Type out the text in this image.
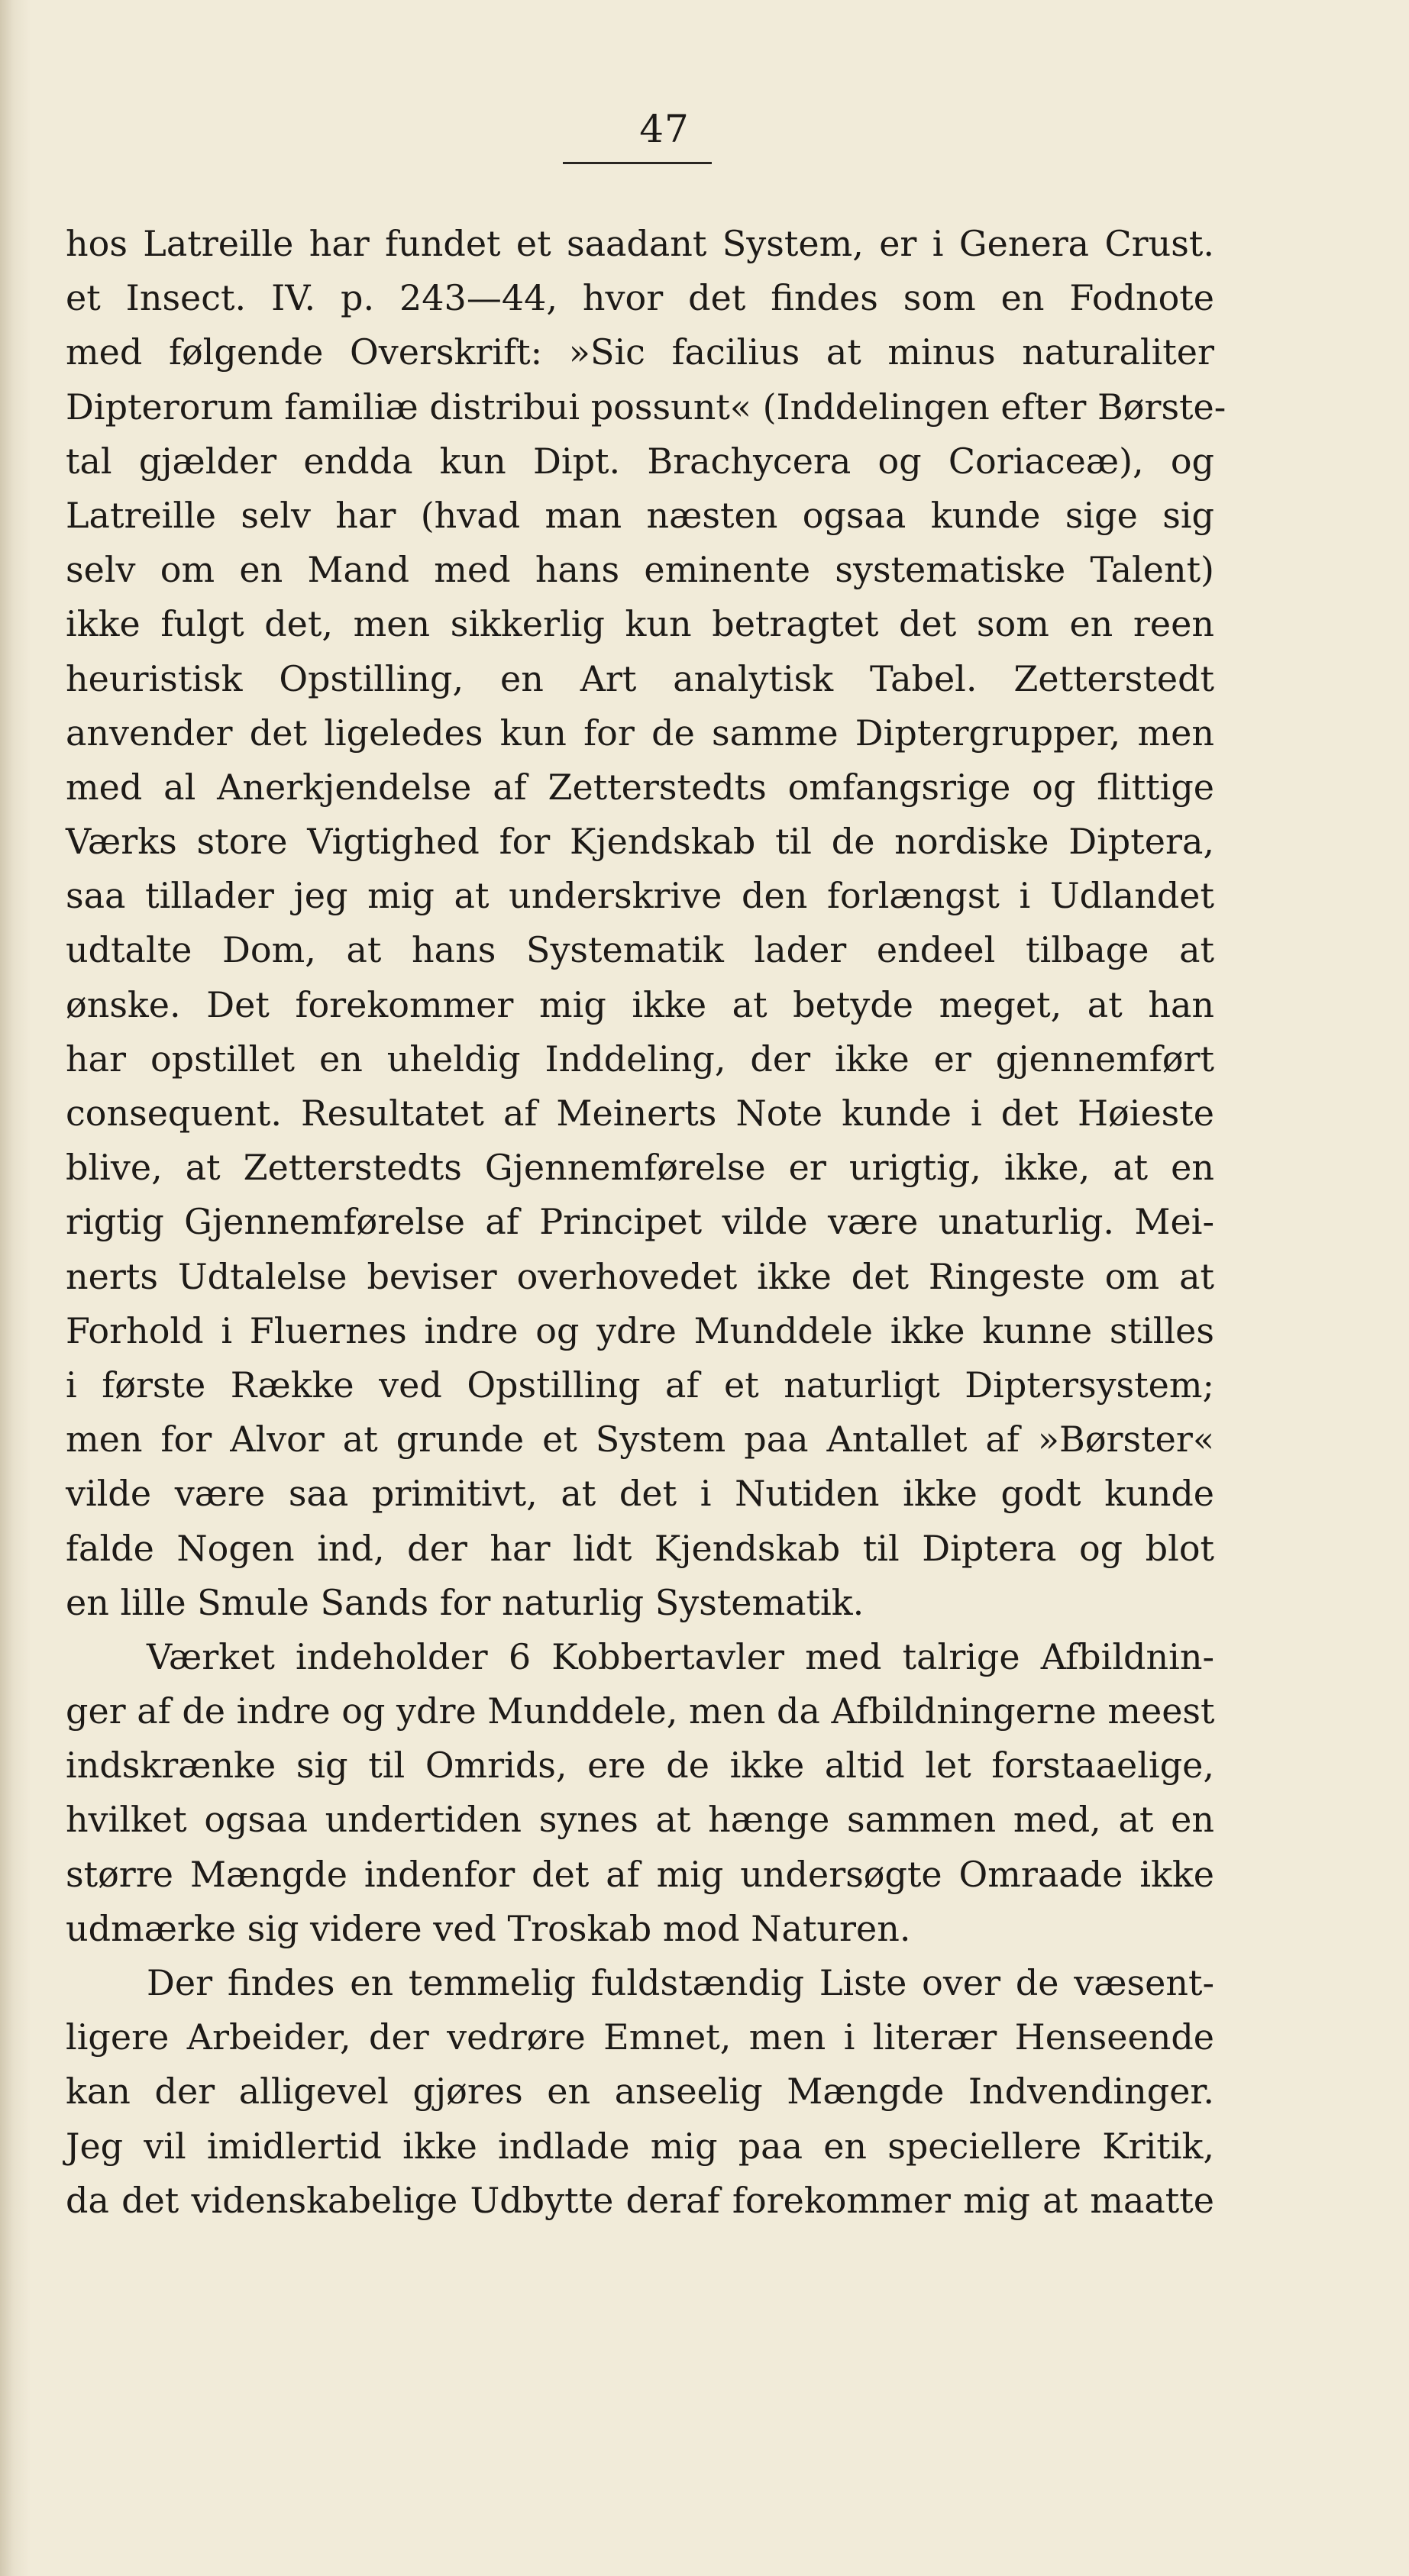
47
hos Latreille har fundet et saadant System, er i Genera Crust.
et Insect. IV. p. 243—44, hvor det findes som en Fodnote
med følgende Overskrift: »Sic facilius at minus naturaliter
Dipterorum familiæ distribui possunt« (Inddelingen efter Børste-
tal gjælder endda kun Dipt. Brachycera og Coriaceæ), og
Latreille selv har (hvad man næsten ogsaa kunde sige sig
selv om en Mand med hans eminente systematiske Talent)
ikke fulgt det, men sikkerlig kun betragtet det som en reen
heuristisk Opstilling, en Art analytisk Tabel. Zetterstedt
anvender det ligeledes kun for de samme Diptergrupper, men
med al Anerkjendelse af Zetterstedts omfangsrige og flittige
Værks store Vigtighed for Kjendskab til de nordiske Diptera,
saa tillader jeg mig at underskrive den forlængst i Udlandet
udtalte Dom, at hans Systematik lader endeel tilbage at
ønske. Det forekommer mig ikke at betyde meget, at han
har opstillet en uheldig Inddeling, der ikke er gjennemført
consequent. Resultatet af Meinerts Note kunde i det Høieste
blive, at Zetterstedts Gjennemførelse er urigtig, ikke, at en
rigtig Gjennemførelse af Principet vilde være unaturlig. Mei-
nerts Udtalelse beviser overhovedet ikke det Ringeste om at
Forhold i Fluernes indre og ydre Munddele ikke kunne stilles
i første Række ved Opstilling af et naturligt Diptersystem;
men for Alvor at grunde et System paa Antallet af »Børster«
vilde være saa primitivt, at det i Nutiden ikke godt kunde
falde Nogen ind, der har lidt Kjendskab til Diptera og blot
en lille Smule Sands for naturlig Systematik.
Værket indeholder 6 Kobbertavler med talrige Afbildnin-
ger af de indre og ydre Munddele, men da Afbildningerne meest
indskrænke sig til Omrids, ere de ikke altid let forstaaelige,
hvilket ogsaa undertiden synes at hænge sammen med, at en
større Mængde indenfor det af mig undersøgte Omraade ikke
udmærke sig videre ved Troskab mod Naturen.
Der findes en temmelig fuldstændig Liste over de væsent-
ligere Arbeider, der vedrøre Emnet, men i literær Henseende
kan der alligevel gjøres en anseelig Mængde Indvendinger.
Jeg vil imidlertid ikke indlade mig paa en speciellere Kritik,
da det videnskabelige Udbytte deraf forekommer mig at maatte
